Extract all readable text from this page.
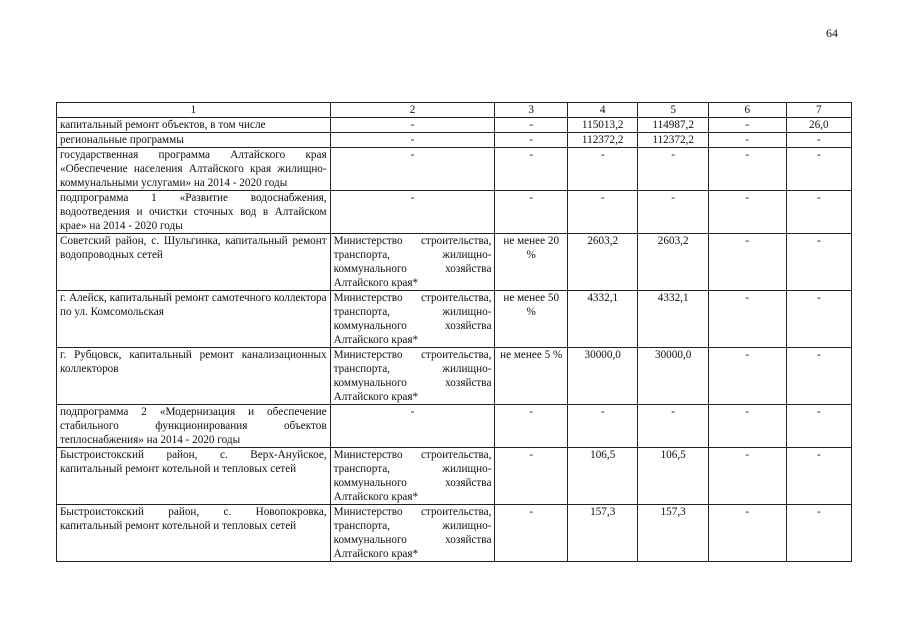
64
1	2	3	4	5	6	7
капитальный ремонт объектов, в том числе	-	-	115013,2	114987,2	-	26,0
региональные программы	-	-	112372,2	112372,2	-	-
государственная программа Алтайского края «Обеспечение населения Алтайского края жилищно-коммунальными услугами» на 2014 - 2020 годы	-	-	-	-	-	-
подпрограмма 1 «Развитие водоснабжения, водоотведения и очистки сточных вод в Алтайском крае» на 2014 - 2020 годы	-	-	-	-	-	-
Советский район, с. Шульгинка, капитальный ремонт водопроводных сетей	Министерство строительства, транспорта, жилищно-коммунального хозяйства Алтайского края*	не менее 20 %	2603,2	2603,2	-	-
г. Алейск, капитальный ремонт самотечного коллектора по ул. Комсомольская	Министерство строительства, транспорта, жилищно-коммунального хозяйства Алтайского края*	не менее 50 %	4332,1	4332,1	-	-
г. Рубцовск, капитальный ремонт канализационных коллекторов	Министерство строительства, транспорта, жилищно-коммунального хозяйства Алтайского края*	не менее 5 %	30000,0	30000,0	-	-
подпрограмма 2 «Модернизация и обеспечение стабильного функционирования объектов теплоснабжения» на 2014 - 2020 годы	-	-	-	-	-	-
Быстроистокский район, с. Верх-Ануйское, капитальный ремонт котельной и тепловых сетей	Министерство строительства, транспорта, жилищно-коммунального хозяйства Алтайского края*	-	106,5	106,5	-	-
Быстроистокский район, с. Новопокровка, капитальный ремонт котельной и тепловых сетей	Министерство строительства, транспорта, жилищно-коммунального хозяйства Алтайского края*	-	157,3	157,3	-	-
